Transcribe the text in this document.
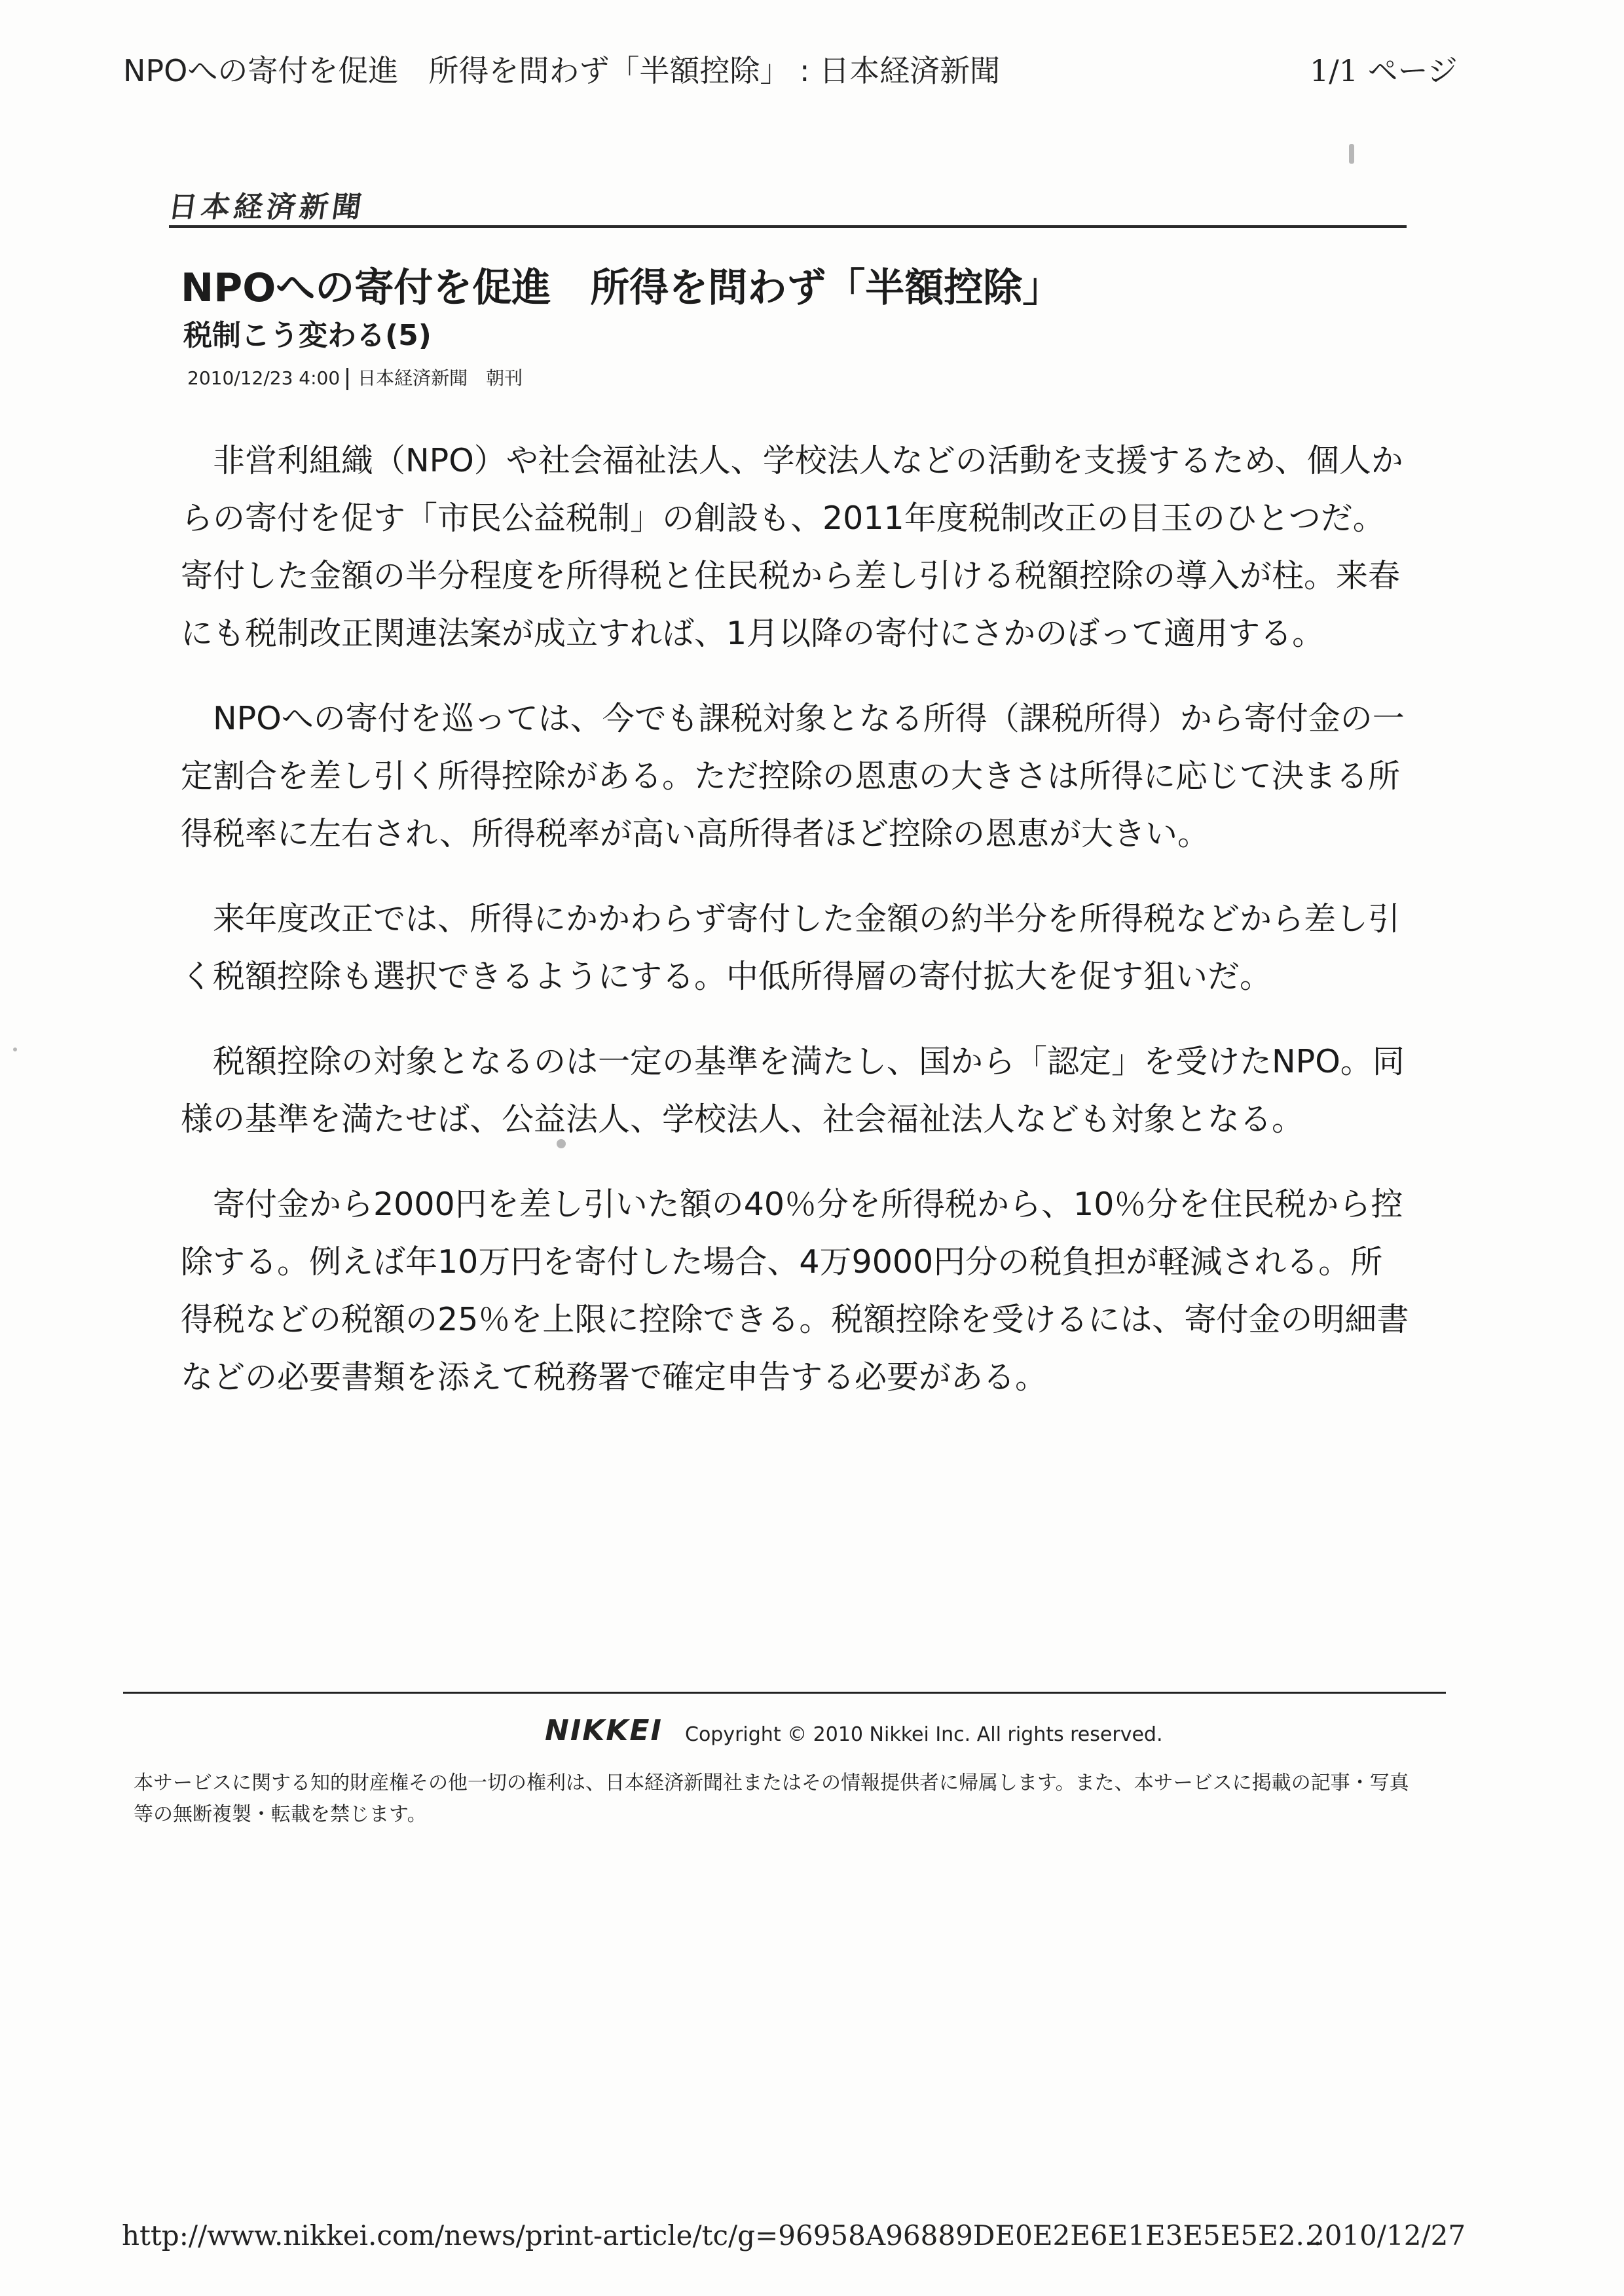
NPOへの寄付を促進　所得を問わず「半額控除」 : 日本経済新聞	1/1 ページ
日本経済新聞
NPOへの寄付を促進　所得を問わず「半額控除」
税制こう変わる(5)
2010/12/23 4:00 日本経済新聞　朝刊

非営利組織（NPO）や社会福祉法人、学校法人などの活動を支援するため、個人からの寄付を促す「市民公益税制」の創設も、2011年度税制改正の目玉のひとつだ。寄付した金額の半分程度を所得税と住民税から差し引ける税額控除の導入が柱。来春にも税制改正関連法案が成立すれば、1月以降の寄付にさかのぼって適用する。

NPOへの寄付を巡っては、今でも課税対象となる所得（課税所得）から寄付金の一定割合を差し引く所得控除がある。ただ控除の恩恵の大きさは所得に応じて決まる所得税率に左右され、所得税率が高い高所得者ほど控除の恩恵が大きい。

来年度改正では、所得にかかわらず寄付した金額の約半分を所得税などから差し引く税額控除も選択できるようにする。中低所得層の寄付拡大を促す狙いだ。

税額控除の対象となるのは一定の基準を満たし、国から「認定」を受けたNPO。同様の基準を満たせば、公益法人、学校法人、社会福祉法人なども対象となる。

寄付金から2000円を差し引いた額の40％分を所得税から、10％分を住民税から控除する。例えば年10万円を寄付した場合、4万9000円分の税負担が軽減される。所得税などの税額の25％を上限に控除できる。税額控除を受けるには、寄付金の明細書などの必要書類を添えて税務署で確定申告する必要がある。

NIKKEI Copyright © 2010 Nikkei Inc. All rights reserved.
本サービスに関する知的財産権その他一切の権利は、日本経済新聞社またはその情報提供者に帰属します。また、本サービスに掲載の記事・写真等の無断複製・転載を禁じます。
http://www.nikkei.com/news/print-article/tc/g=96958A96889DE0E2E6E1E3E5E5E2...
2010/12/27
